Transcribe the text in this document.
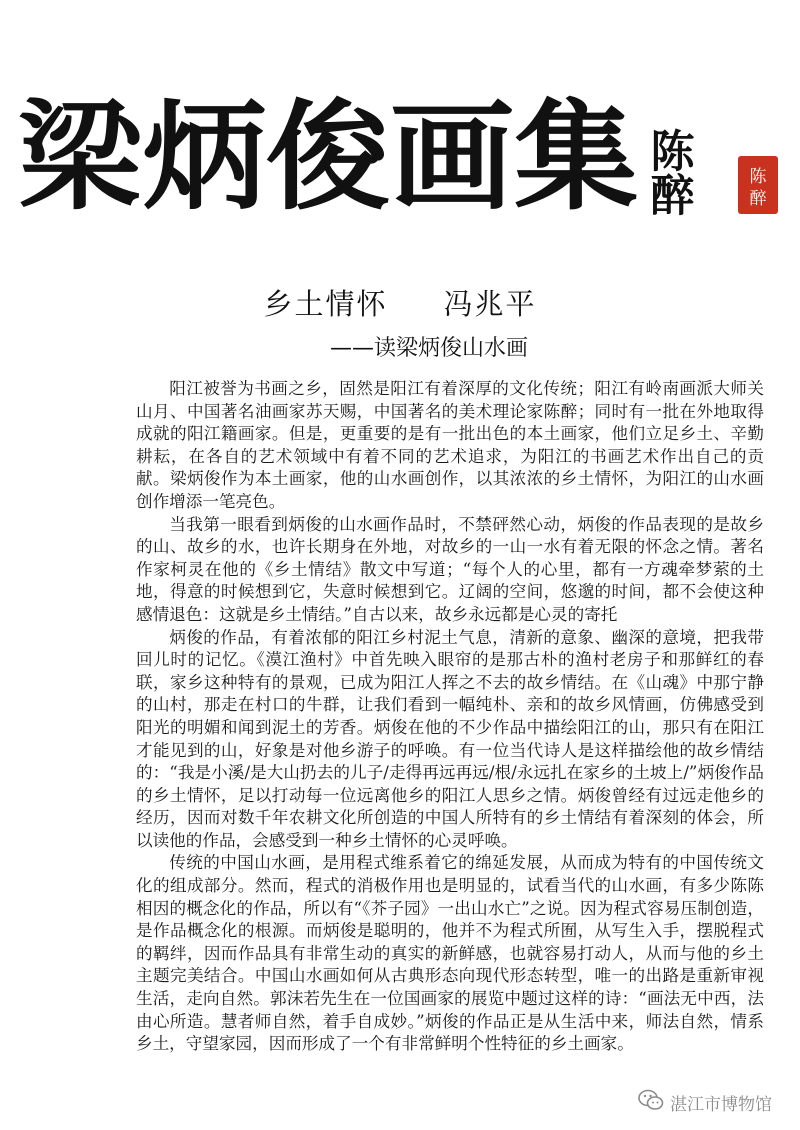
梁炳俊画集 陈醉	陈醉
乡土情怀 冯兆平
——读梁炳俊山水画

阳江被誉为书画之乡，固然是阳江有着深厚的文化传统；阳江有岭南画派大师关山月、中国著名油画家苏天赐，中国著名的美术理论家陈醉；同时有一批在外地取得成就的阳江籍画家。但是，更重要的是有一批出色的本土画家，他们立足乡土、辛勤耕耘，在各自的艺术领域中有着不同的艺术追求，为阳江的书画艺术作出自己的贡献。梁炳俊作为本土画家，他的山水画创作，以其浓浓的乡土情怀，为阳江的山水画创作增添一笔亮色。

当我第一眼看到炳俊的山水画作品时，不禁砰然心动，炳俊的作品表现的是故乡的山、故乡的水，也许长期身在外地，对故乡的一山一水有着无限的怀念之情。著名作家柯灵在他的《乡土情结》散文中写道；“每个人的心里，都有一方魂牵梦萦的土地，得意的时候想到它，失意时候想到它。辽阔的空间，悠邈的时间，都不会使这种感情退色：这就是乡土情结。”自古以来，故乡永远都是心灵的寄托

炳俊的作品，有着浓郁的阳江乡村泥土气息，清新的意象、幽深的意境，把我带回儿时的记忆。《漠江渔村》中首先映入眼帘的是那古朴的渔村老房子和那鲜红的春联，家乡这种特有的景观，已成为阳江人挥之不去的故乡情结。在《山魂》中那宁静的山村，那走在村口的牛群，让我们看到一幅纯朴、亲和的故乡风情画，仿佛感受到阳光的明媚和闻到泥土的芳香。炳俊在他的不少作品中描绘阳江的山，那只有在阳江才能见到的山，好象是对他乡游子的呼唤。有一位当代诗人是这样描绘他的故乡情结的：“我是小溪/是大山扔去的儿子/走得再远再远/根/永远扎在家乡的土坡上/”炳俊作品的乡土情怀，足以打动每一位远离他乡的阳江人思乡之情。炳俊曾经有过远走他乡的经历，因而对数千年农耕文化所创造的中国人所特有的乡土情结有着深刻的体会，所以读他的作品，会感受到一种乡土情怀的心灵呼唤。

传统的中国山水画，是用程式维系着它的绵延发展，从而成为特有的中国传统文化的组成部分。然而，程式的消极作用也是明显的，试看当代的山水画，有多少陈陈相因的概念化的作品，所以有“《芥子园》一出山水亡”之说。因为程式容易压制创造，是作品概念化的根源。而炳俊是聪明的，他并不为程式所囿，从写生入手，摆脱程式的羁绊，因而作品具有非常生动的真实的新鲜感，也就容易打动人，从而与他的乡土主题完美结合。中国山水画如何从古典形态向现代形态转型，唯一的出路是重新审视生活，走向自然。郭沫若先生在一位国画家的展览中题过这样的诗：“画法无中西，法由心所造。慧者师自然，着手自成妙。”炳俊的作品正是从生活中来，师法自然，情系乡土，守望家园，因而形成了一个有非常鲜明个性特征的乡土画家。

湛江市博物馆
